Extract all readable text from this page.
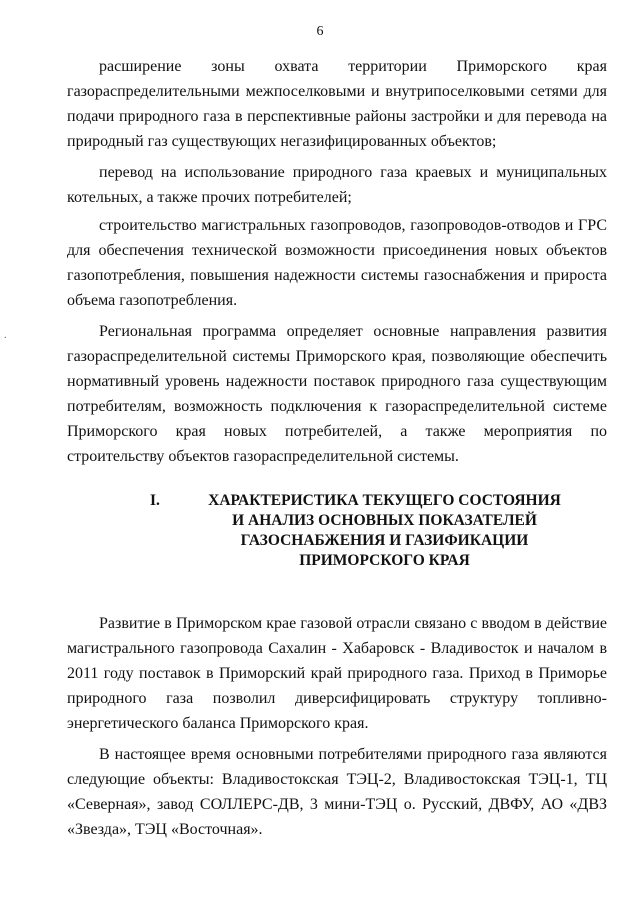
6
.

расширение зоны охвата территории Приморского края газораспределительными межпоселковыми и внутрипоселковыми сетями для подачи природного газа в перспективные районы застройки и для перевода на природный газ существующих негазифицированных объектов;

перевод на использование природного газа краевых и муниципальных котельных, а также прочих потребителей;

строительство магистральных газопроводов, газопроводов-отводов и ГРС для обеспечения технической возможности присоединения новых объектов газопотребления, повышения надежности системы газоснабжения и прироста объема газопотребления.

Региональная программа определяет основные направления развития газораспределительной системы Приморского края, позволяющие обеспечить нормативный уровень надежности поставок природного газа существующим потребителям, возможность подключения к газораспределительной системе Приморского края новых потребителей, а также мероприятия по строительству объектов газораспределительной системы.

I.	ХАРАКТЕРИСТИКА ТЕКУЩЕГО СОСТОЯНИЯ
И АНАЛИЗ ОСНОВНЫХ ПОКАЗАТЕЛЕЙ
ГАЗОСНАБЖЕНИЯ И ГАЗИФИКАЦИИ
ПРИМОРСКОГО КРАЯ

Развитие в Приморском крае газовой отрасли связано с вводом в действие магистрального газопровода Сахалин - Хабаровск - Владивосток и началом в 2011 году поставок в Приморский край природного газа. Приход в Приморье природного газа позволил диверсифицировать структуру топливно-энергетического баланса Приморского края.

В настоящее время основными потребителями природного газа являются следующие объекты: Владивостокская ТЭЦ-2, Владивостокская ТЭЦ-1, ТЦ «Северная», завод СОЛЛЕРС-ДВ, 3 мини-ТЭЦ о. Русский, ДВФУ, АО «ДВЗ «Звезда», ТЭЦ «Восточная».
